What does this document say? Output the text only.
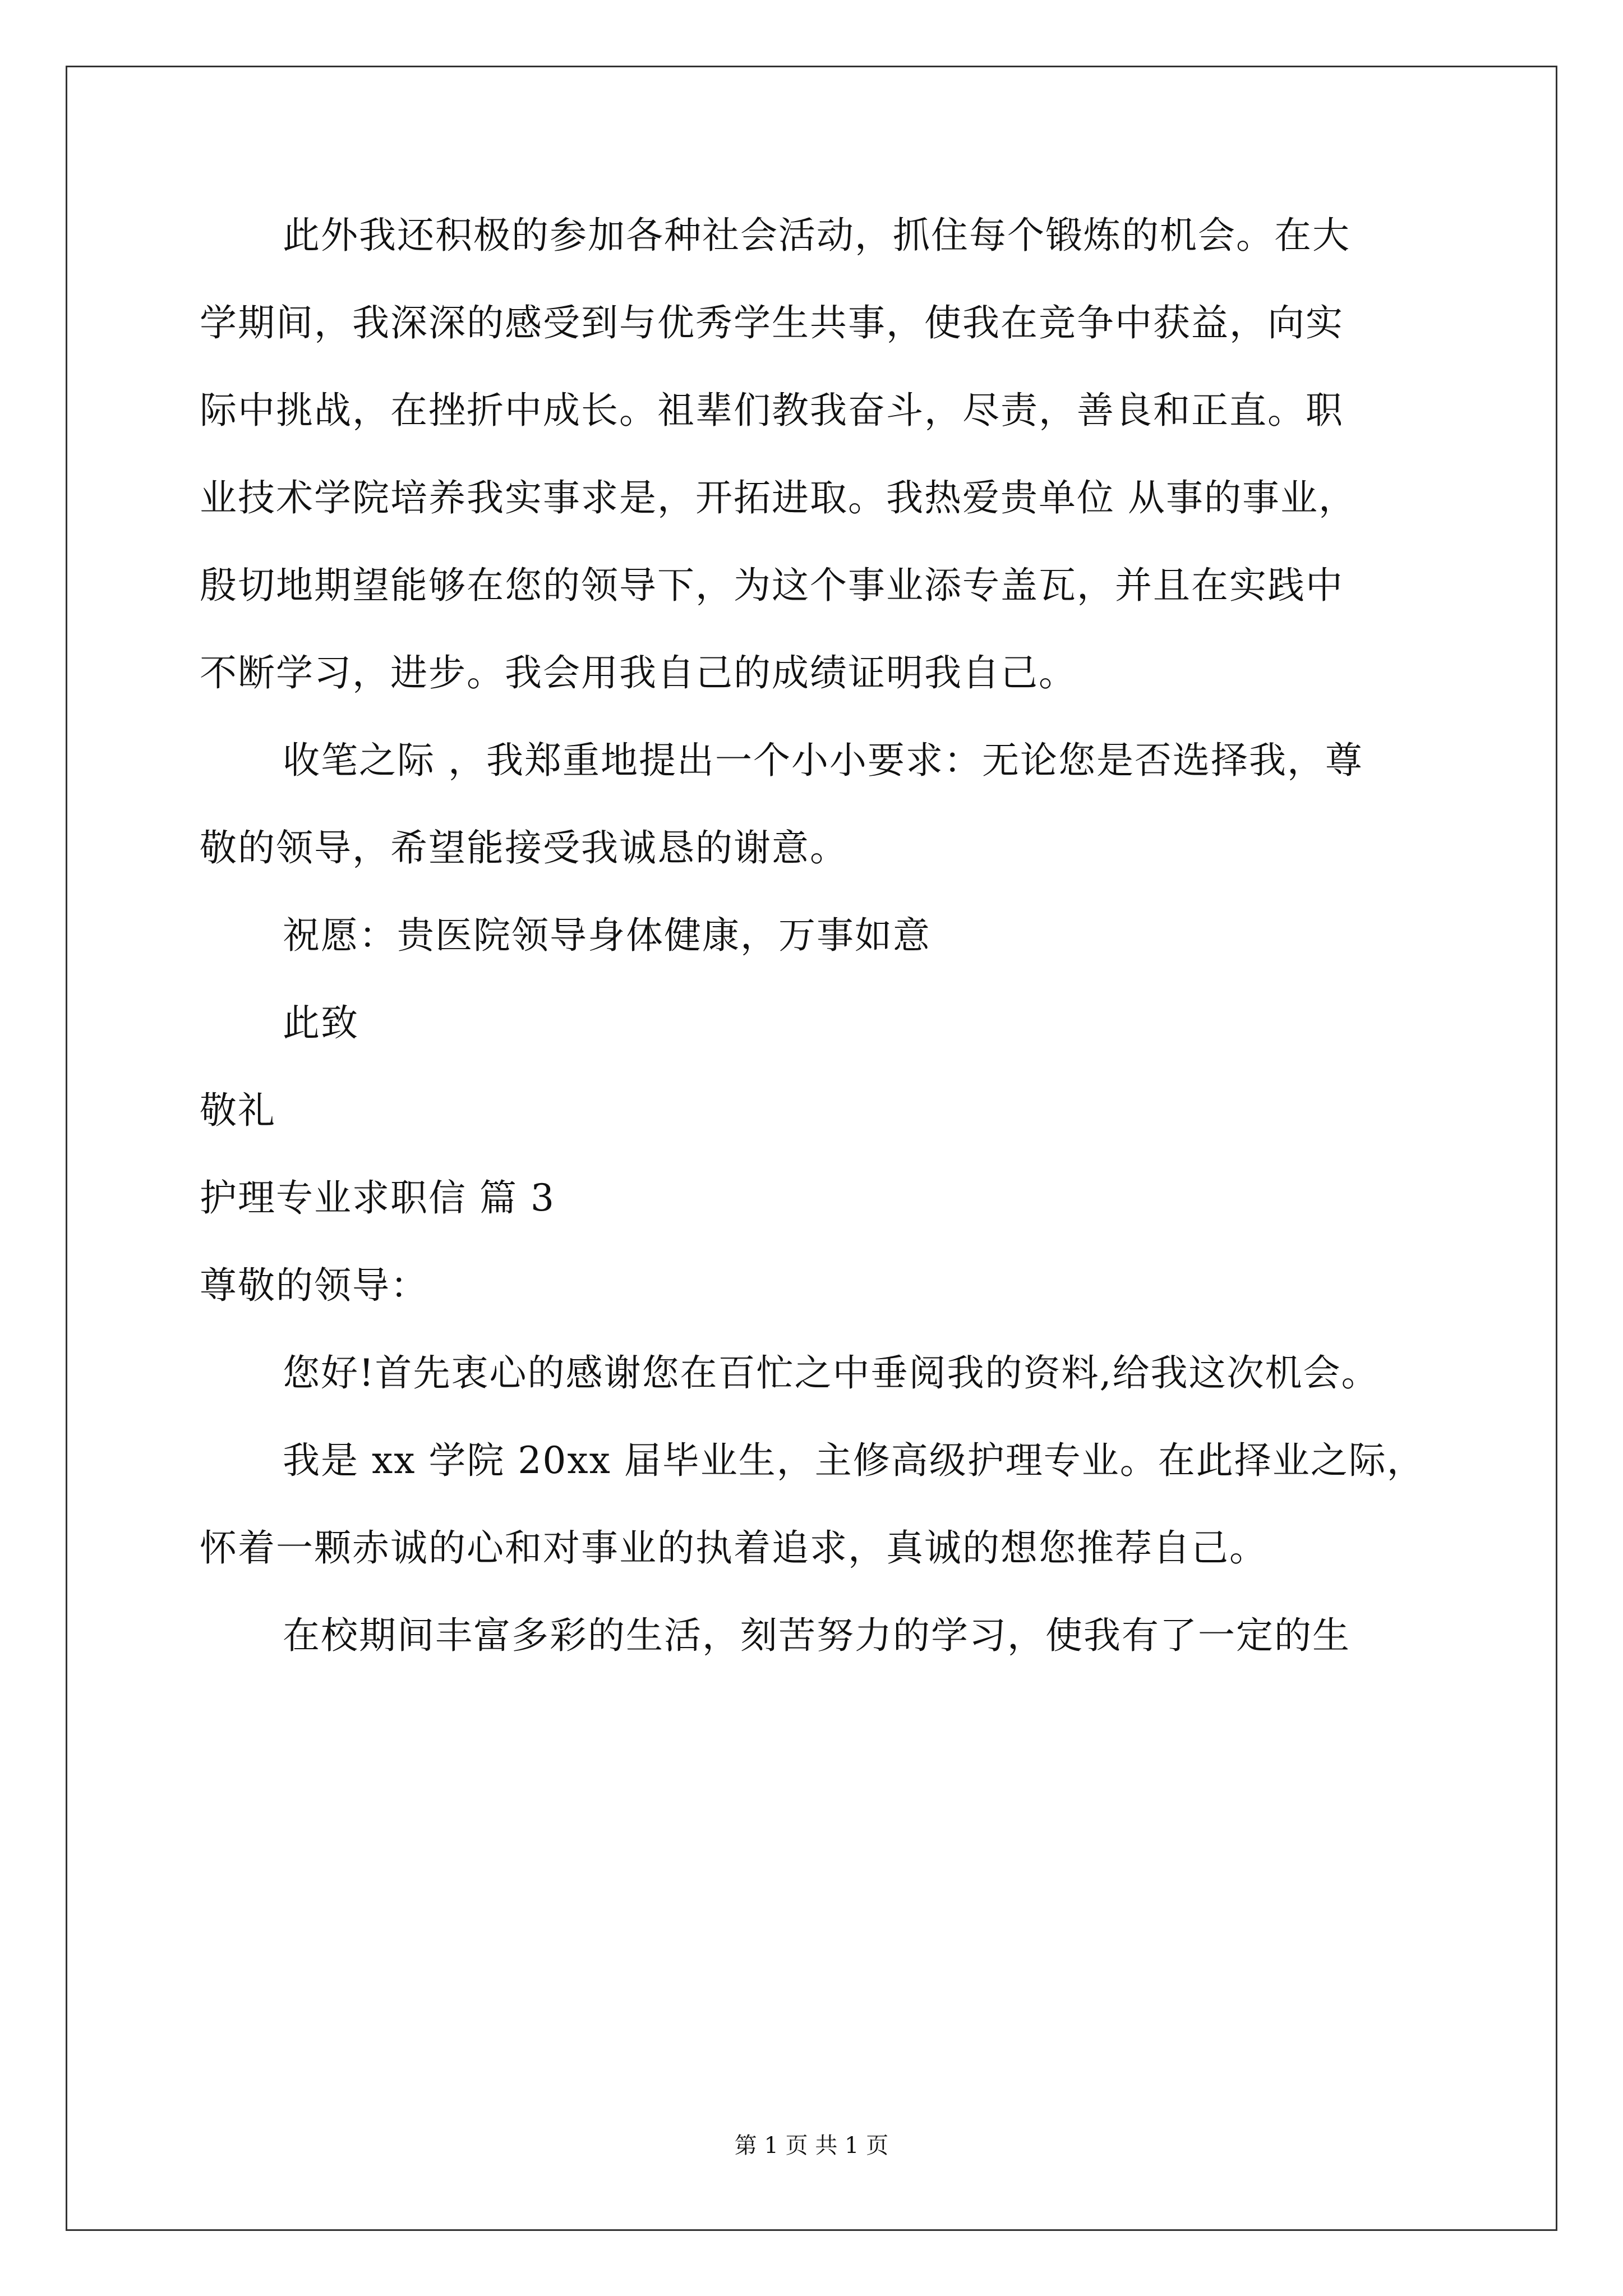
此外我还积极的参加各种社会活动，抓住每个锻炼的机会。在大
学期间，我深深的感受到与优秀学生共事，使我在竞争中获益，向实
际中挑战，在挫折中成长。祖辈们教我奋斗，尽责，善良和正直。职
业技术学院培养我实事求是，开拓进取。我热爱贵单位 从事的事业，
殷切地期望能够在您的领导下，为这个事业添专盖瓦，并且在实践中
不断学习，进步。我会用我自己的成绩证明我自己。
收笔之际 ，我郑重地提出一个小小要求：无论您是否选择我，尊
敬的领导，希望能接受我诚恳的谢意。
祝愿：贵医院领导身体健康，万事如意
此致
敬礼
护理专业求职信 篇 3
尊敬的领导：
您好!首先衷心的感谢您在百忙之中垂阅我的资料,给我这次机会。
我是 xx 学院 20xx 届毕业生，主修高级护理专业。在此择业之际，
怀着一颗赤诚的心和对事业的执着追求，真诚的想您推荐自己。
在校期间丰富多彩的生活，刻苦努力的学习，使我有了一定的生
第 1 页 共 1 页
